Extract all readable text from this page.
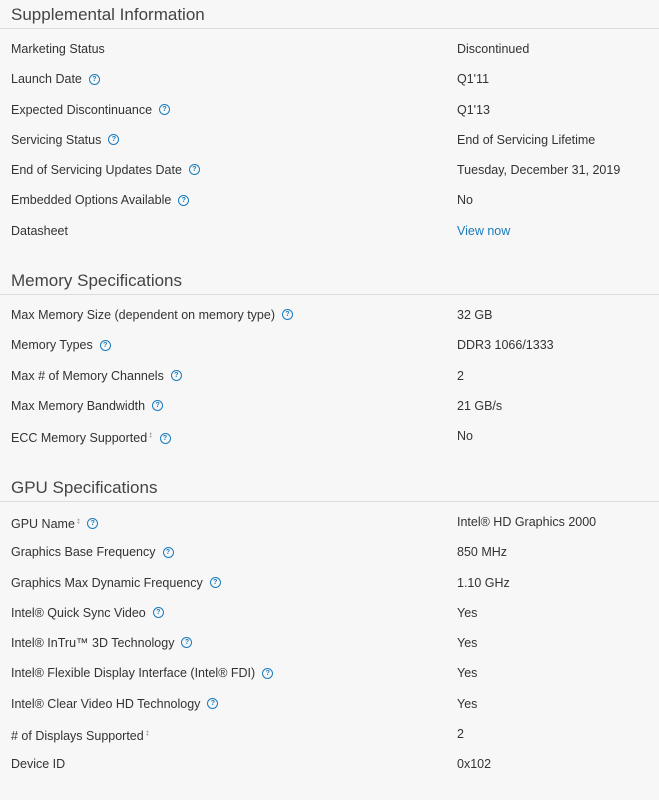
Supplemental Information
Marketing Status	Discontinued
Launch Date ?	Q1'11
Expected Discontinuance ?	Q1'13
Servicing Status ?	End of Servicing Lifetime
End of Servicing Updates Date ?	Tuesday, December 31, 2019
Embedded Options Available ?	No
Datasheet	View now
Memory Specifications
Max Memory Size (dependent on memory type) ?	32 GB
Memory Types ?	DDR3 1066/1333
Max # of Memory Channels ?	2
Max Memory Bandwidth ?	21 GB/s
ECC Memory Supported ‡ ?	No
GPU Specifications
GPU Name ‡ ?	Intel® HD Graphics 2000
Graphics Base Frequency ?	850 MHz
Graphics Max Dynamic Frequency ?	1.10 GHz
Intel® Quick Sync Video ?	Yes
Intel® InTru™ 3D Technology ?	Yes
Intel® Flexible Display Interface (Intel® FDI) ?	Yes
Intel® Clear Video HD Technology ?	Yes
# of Displays Supported ‡	2
Device ID	0x102
